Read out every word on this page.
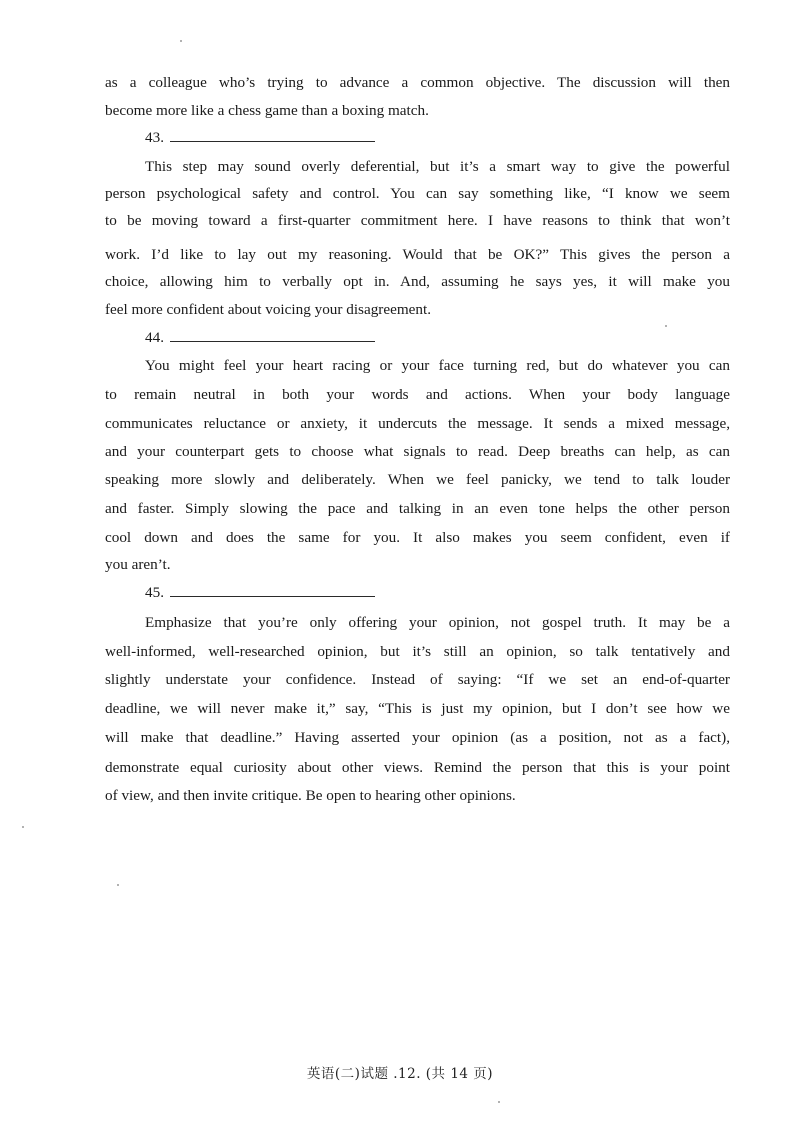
as a colleague who’s trying to advance a common objective. The discussion will then
become more like a chess game than a boxing match.
43.
This step may sound overly deferential, but it’s a smart way to give the powerful
person psychological safety and control. You can say something like, “I know we seem
to be moving toward a first-quarter commitment here. I have reasons to think that won’t
work. I’d like to lay out my reasoning. Would that be OK?” This gives the person a
choice, allowing him to verbally opt in. And, assuming he says yes, it will make you
feel more confident about voicing your disagreement.
44.
You might feel your heart racing or your face turning red, but do whatever you can
to remain neutral in both your words and actions. When your body language
communicates reluctance or anxiety, it undercuts the message. It sends a mixed message,
and your counterpart gets to choose what signals to read. Deep breaths can help, as can
speaking more slowly and deliberately. When we feel panicky, we tend to talk louder
and faster. Simply slowing the pace and talking in an even tone helps the other person
cool down and does the same for you. It also makes you seem confident, even if
you aren’t.
45.
Emphasize that you’re only offering your opinion, not gospel truth. It may be a
well-informed, well-researched opinion, but it’s still an opinion, so talk tentatively and
slightly understate your confidence. Instead of saying: “If we set an end-of-quarter
deadline, we will never make it,” say, “This is just my opinion, but I don’t see how we
will make that deadline.” Having asserted your opinion (as a position, not as a fact),
demonstrate equal curiosity about other views. Remind the person that this is your point
of view, and then invite critique. Be open to hearing other opinions.
英语(二)试题 .12. (共 14 页)
